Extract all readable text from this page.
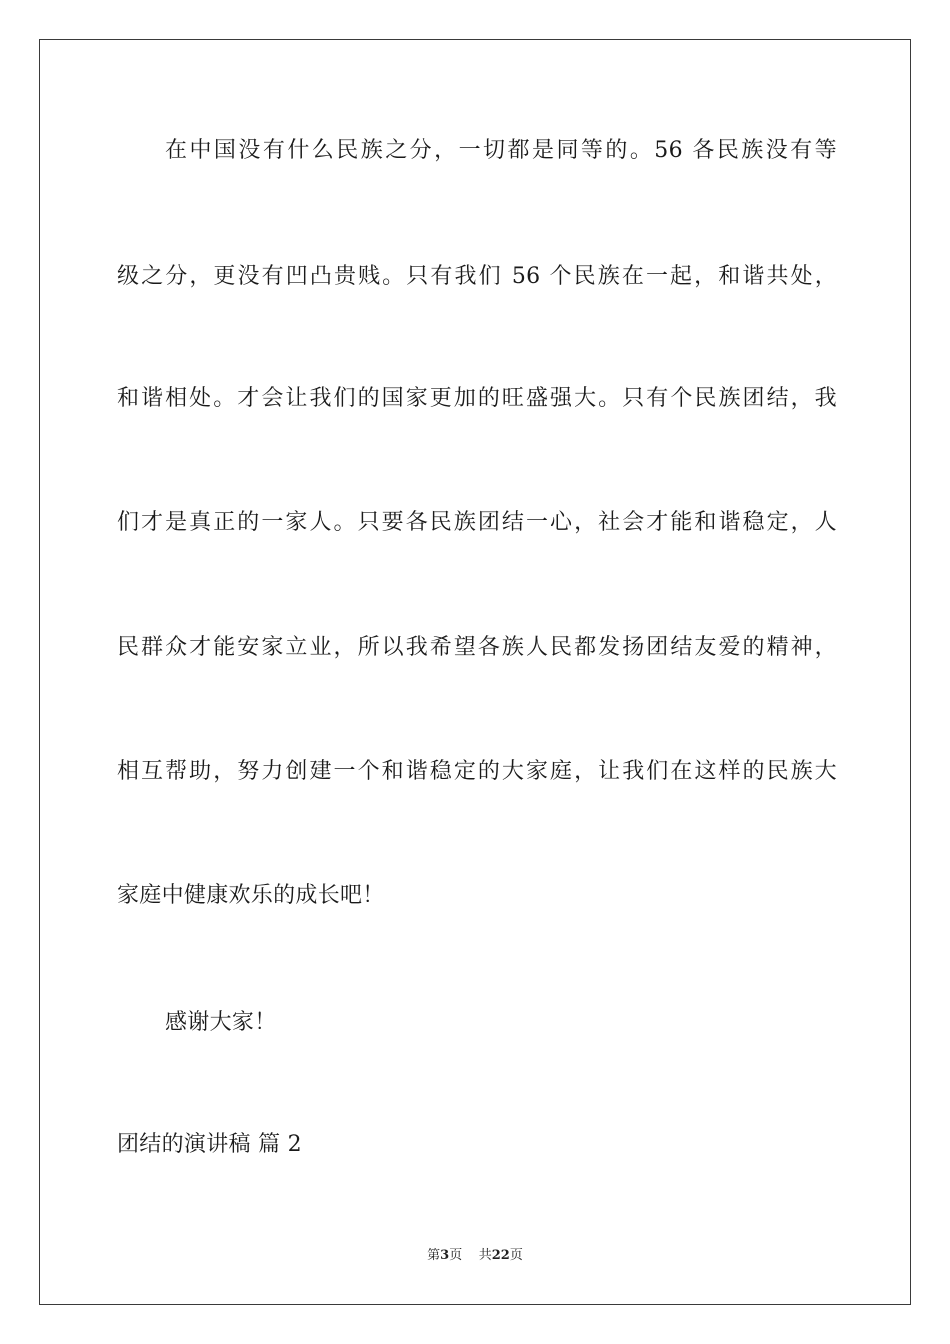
在中国没有什么民族之分，一切都是同等的。56 各民族没有等
级之分，更没有凹凸贵贱。只有我们 56 个民族在一起，和谐共处，
和谐相处。才会让我们的国家更加的旺盛强大。只有个民族团结，我
们才是真正的一家人。只要各民族团结一心，社会才能和谐稳定，人
民群众才能安家立业，所以我希望各族人民都发扬团结友爱的精神，
相互帮助，努力创建一个和谐稳定的大家庭，让我们在这样的民族大
家庭中健康欢乐的成长吧！
感谢大家！
团结的演讲稿 篇 2
第3页 共22页
